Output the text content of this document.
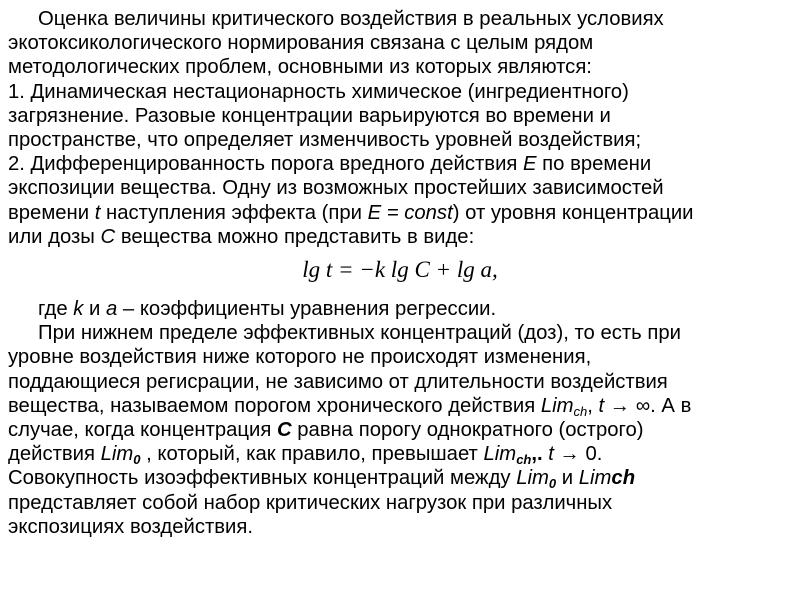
Оценка величины критического воздействия в реальных условиях
экотоксикологического нормирования связана с целым рядом
методологических проблем, основными из которых являются:
1. Динамическая нестационарность химическое (ингредиентного)
загрязнение. Разовые концентрации варьируются во времени и
пространстве, что определяет изменчивость уровней воздействия;
2. Дифференцированность порога вредного действия Е по времени
экспозиции вещества. Одну из возможных простейших зависимостей
времени t наступления эффекта (при E = const) от уровня концентрации
или дозы С вещества можно представить в виде:
lg t = −k lg C + lg a,
где k и а – коэффициенты уравнения регрессии.
При нижнем пределе эффективных концентраций (доз), то есть при
уровне воздействия ниже которого не происходят изменения,
поддающиеся регисрации, не зависимо от длительности воздействия
вещества, называемом порогом хронического действия Lim$_{ch}$, t → ∞. А в
случае, когда концентрация С равна порогу однократного (острого)
действия Lim$_0$ , который, как правило, превышает Lim$_{ch}$,. t → 0.
Совокупность изоэффективных концентраций между Lim$_0$ и Limch
представляет собой набор критических нагрузок при различных
экспозициях воздействия.
